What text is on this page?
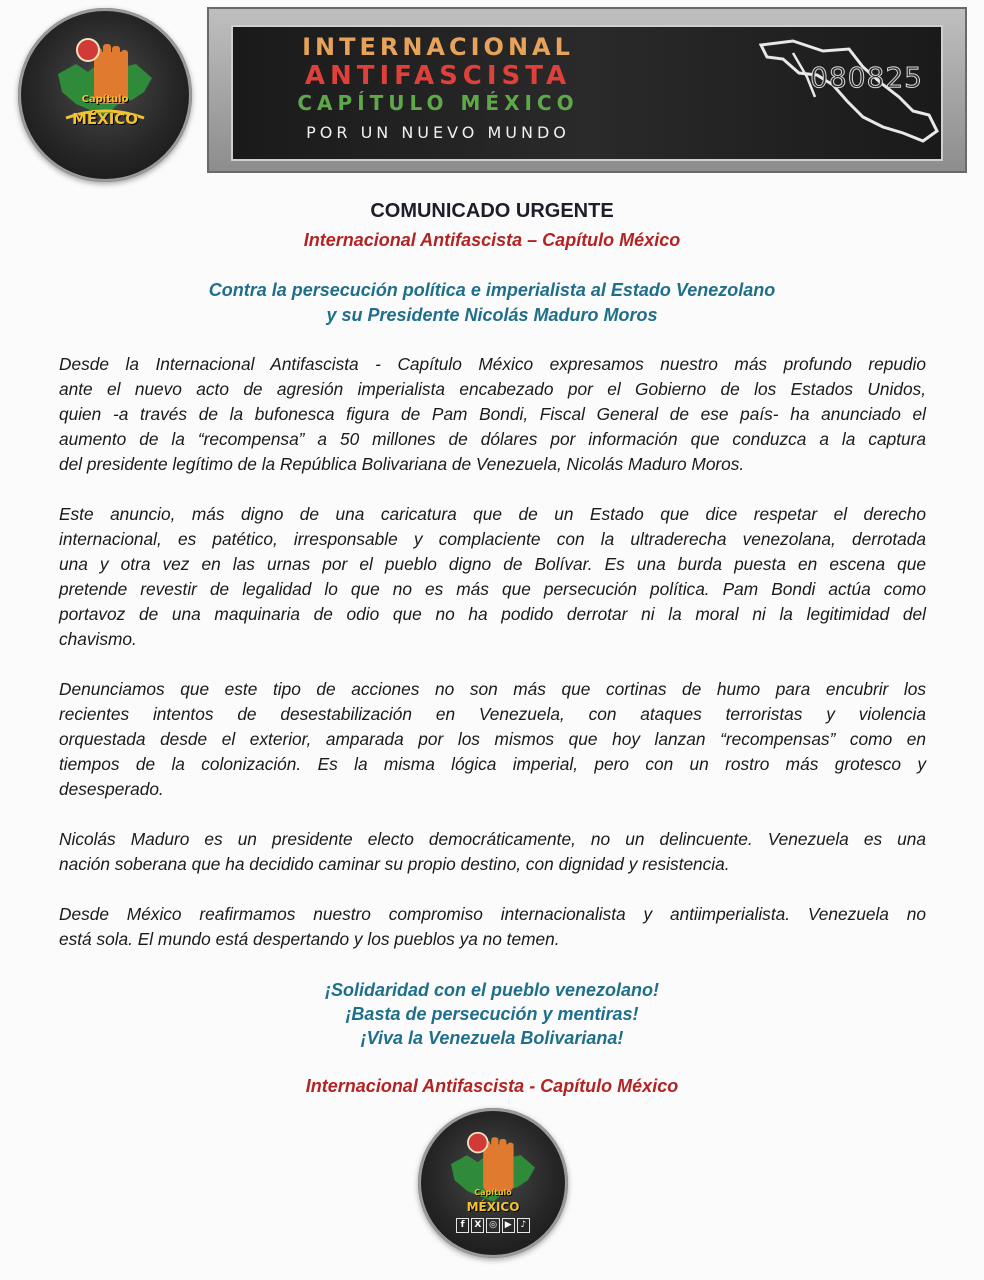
Capítulo
MÉXICO
INTERNACIONAL
ANTIFASCISTA
CAPÍTULO MÉXICO
POR UN NUEVO MUNDO
080825
COMUNICADO URGENTE
Internacional Antifascista – Capítulo México
Contra la persecución política e imperialista al Estado Venezolano
y su Presidente Nicolás Maduro Moros
Desde la Internacional Antifascista - Capítulo México expresamos nuestro más profundo repudio
ante el nuevo acto de agresión imperialista encabezado por el Gobierno de los Estados Unidos,
quien -a través de la bufonesca figura de Pam Bondi, Fiscal General de ese país- ha anunciado el
aumento de la “recompensa” a 50 millones de dólares por información que conduzca a la captura
del presidente legítimo de la República Bolivariana de Venezuela, Nicolás Maduro Moros.
Este anuncio, más digno de una caricatura que de un Estado que dice respetar el derecho
internacional, es patético, irresponsable y complaciente con la ultraderecha venezolana, derrotada
una y otra vez en las urnas por el pueblo digno de Bolívar. Es una burda puesta en escena que
pretende revestir de legalidad lo que no es más que persecución política. Pam Bondi actúa como
portavoz de una maquinaria de odio que no ha podido derrotar ni la moral ni la legitimidad del
chavismo.
Denunciamos que este tipo de acciones no son más que cortinas de humo para encubrir los
recientes intentos de desestabilización en Venezuela, con ataques terroristas y violencia
orquestada desde el exterior, amparada por los mismos que hoy lanzan “recompensas” como en
tiempos de la colonización. Es la misma lógica imperial, pero con un rostro más grotesco y
desesperado.
Nicolás Maduro es un presidente electo democráticamente, no un delincuente. Venezuela es una
nación soberana que ha decidido caminar su propio destino, con dignidad y resistencia.
Desde México reafirmamos nuestro compromiso internacionalista y antiimperialista. Venezuela no
está sola. El mundo está despertando y los pueblos ya no temen.
¡Solidaridad con el pueblo venezolano!
¡Basta de persecución y mentiras!
¡Viva la Venezuela Bolivariana!
Internacional Antifascista - Capítulo México
Capítulo
MÉXICO
f	X ◎ ▶ ♪
